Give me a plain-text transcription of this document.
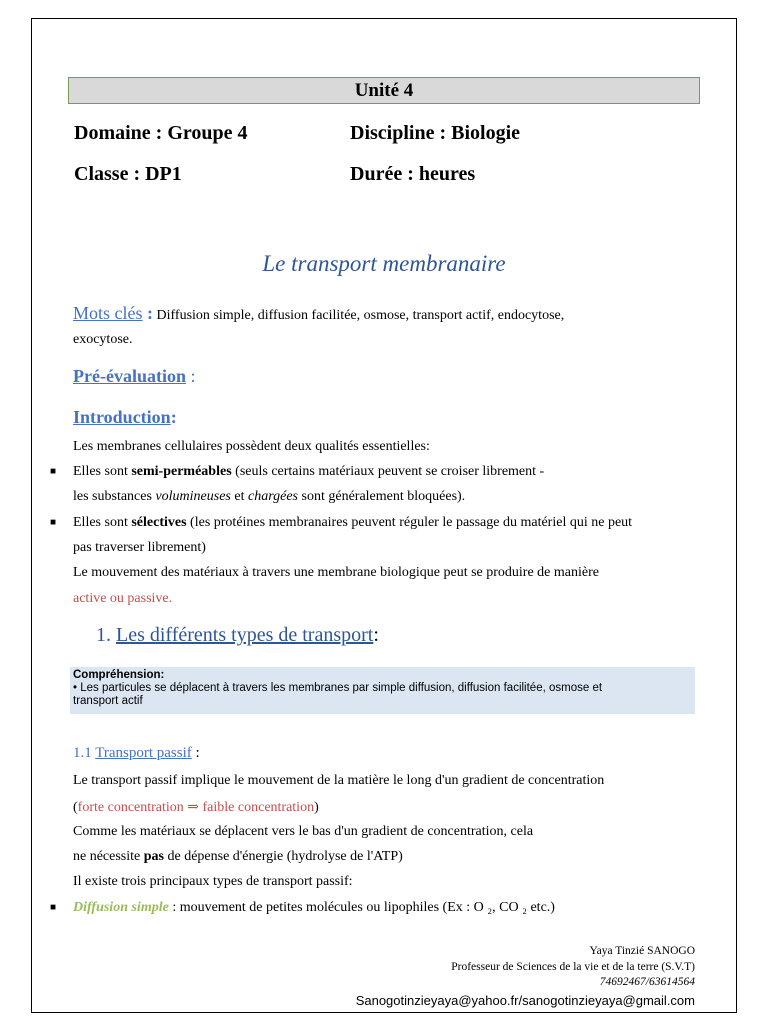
Unité 4
Domaine : Groupe 4	Discipline : Biologie
Classe : DP1	Durée : heures
Le transport membranaire
Mots clés : Diffusion simple, diffusion facilitée, osmose, transport actif, endocytose,
exocytose.
Pré-évaluation :
Introduction:
Les membranes cellulaires possèdent deux qualités essentielles:
■ Elles sont semi-perméables (seuls certains matériaux peuvent se croiser librement -
les substances volumineuses et chargées sont généralement bloquées).
■ Elles sont sélectives (les protéines membranaires peuvent réguler le passage du matériel qui ne peut
pas traverser librement)
Le mouvement des matériaux à travers une membrane biologique peut se produire de manière
active ou passive.
1. Les différents types de transport:
Compréhension:
• Les particules se déplacent à travers les membranes par simple diffusion, diffusion facilitée, osmose et
transport actif
1.1 Transport passif :
Le transport passif implique le mouvement de la matière le long d'un gradient de concentration
(forte concentration ⇒ faible concentration)
Comme les matériaux se déplacent vers le bas d'un gradient de concentration, cela
ne nécessite pas de dépense d'énergie (hydrolyse de l'ATP)
Il existe trois principaux types de transport passif:
■ Diffusion simple : mouvement de petites molécules ou lipophiles (Ex : O ₂, CO ₂ etc.)
Yaya Tinzié SANOGO
Professeur de Sciences de la vie et de la terre (S.V.T)
74692467/63614564
Sanogotinzieyaya@yahoo.fr/sanogotinzieyaya@gmail.com
